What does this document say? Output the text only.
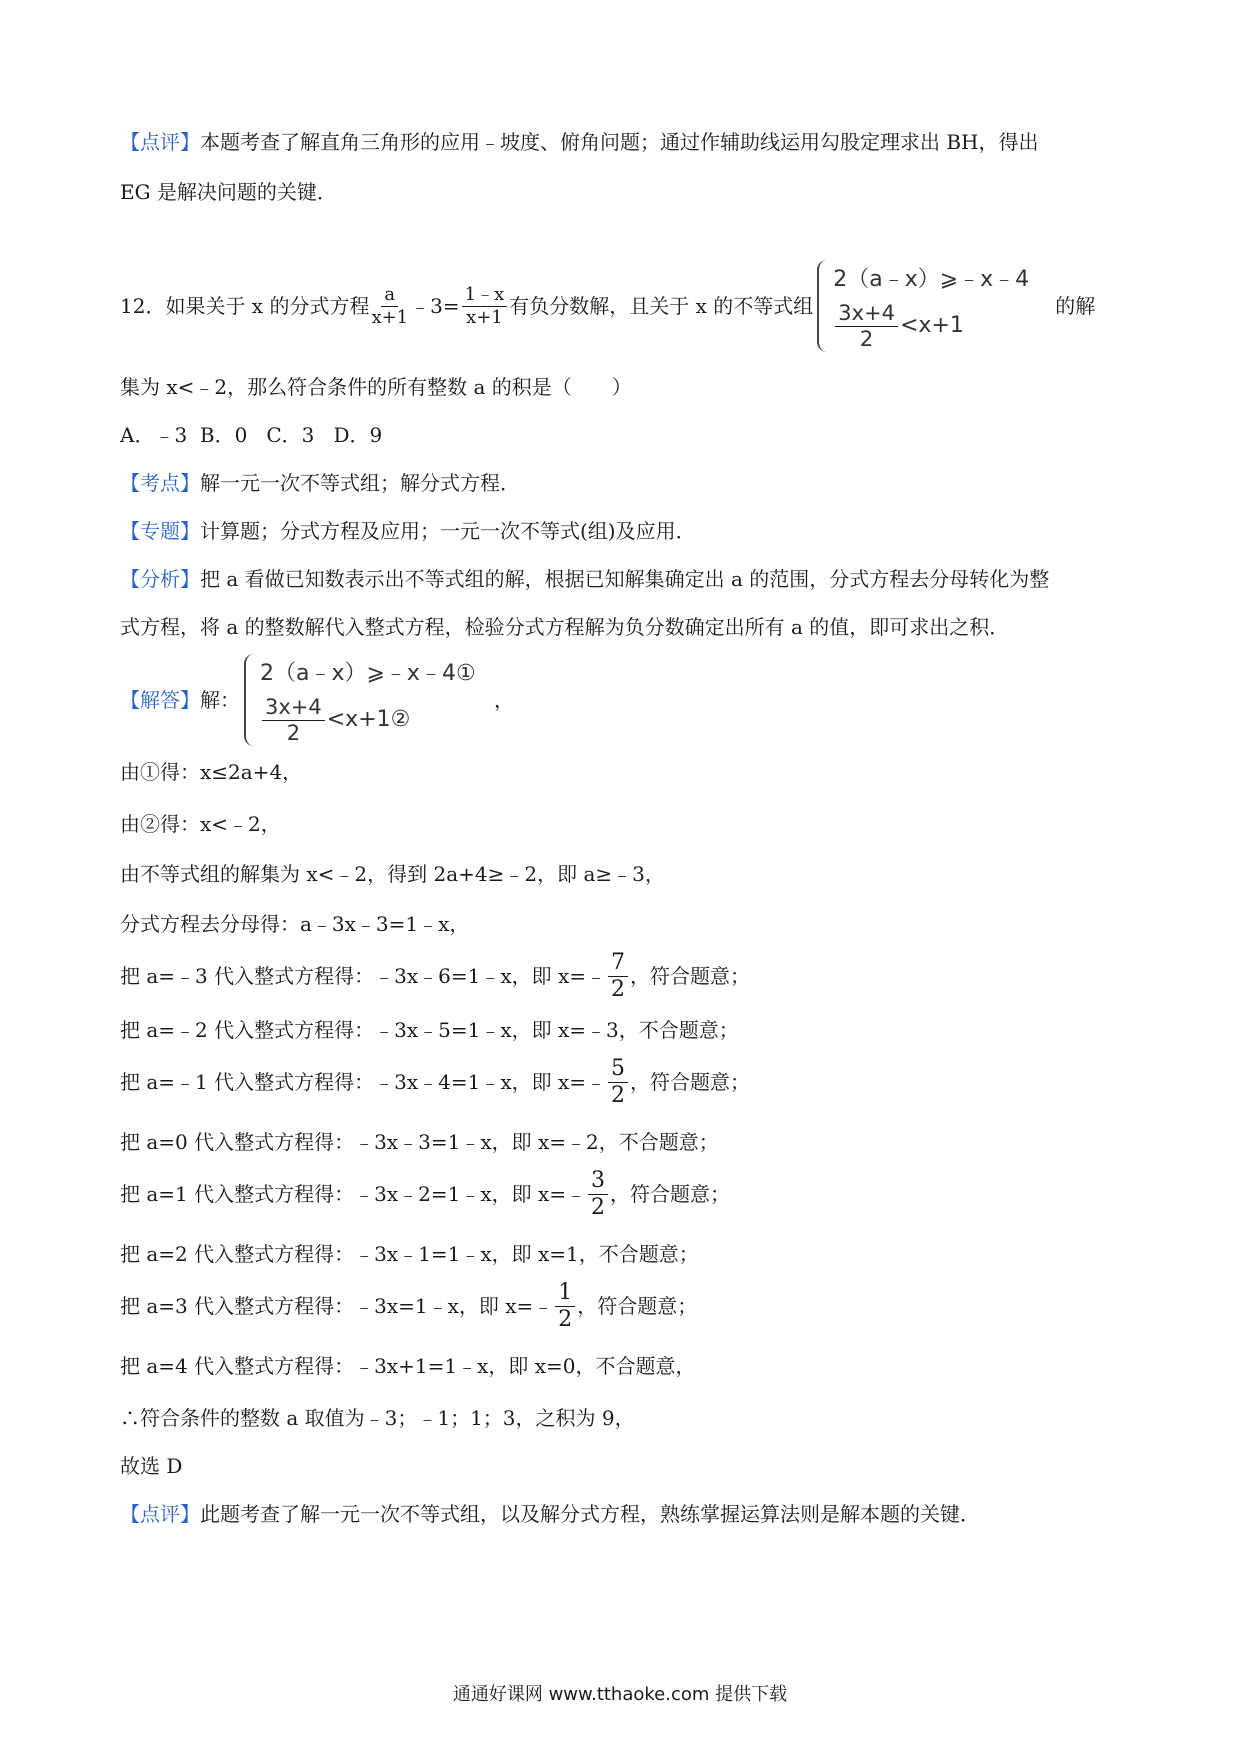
【点评】本题考查了解直角三角形的应用﹣坡度、俯角问题；通过作辅助线运用勾股定理求出 BH，得出
EG 是解决问题的关键．
12．如果关于 x 的分式方程 $\frac{a}{x+1}$ ﹣3= $\frac{1﹣x}{x+1}$ 有负分数解，且关于 x 的不等式组
2（a﹣x）⩾﹣x﹣4
$\frac{3x+4}{2} <x+1$
的解
集为 x<﹣2，那么符合条件的所有整数 a 的积是（　　）
A．﹣3  B．0   C．3   D．9
【考点】解一元一次不等式组；解分式方程．
【专题】计算题；分式方程及应用；一元一次不等式(组)及应用．
【分析】把 a 看做已知数表示出不等式组的解，根据已知解集确定出 a 的范围，分式方程去分母转化为整
式方程，将 a 的整数解代入整式方程，检验分式方程解为负分数确定出所有 a 的值，即可求出之积．
【解答】 解：
2（a﹣x）⩾﹣x﹣4①
$\frac{3x+4}{2}$ <x+1②
，
由①得：x≤2a+4，
由②得：x<﹣2，
由不等式组的解集为 x<﹣2，得到 2a+4≥﹣2，即 a≥﹣3，
分式方程去分母得：a﹣3x﹣3=1﹣x，
把 a=﹣3 代入整式方程得：﹣3x﹣6=1﹣x，即 x=﹣ $\frac{7}{2}$ ，符合题意；
把 a=﹣2 代入整式方程得：﹣3x﹣5=1﹣x，即 x=﹣3，不合题意；
把 a=﹣1 代入整式方程得：﹣3x﹣4=1﹣x，即 x=﹣ $\frac{5}{2}$ ，符合题意；
把 a=0 代入整式方程得：﹣3x﹣3=1﹣x，即 x=﹣2，不合题意；
把 a=1 代入整式方程得：﹣3x﹣2=1﹣x，即 x=﹣ $\frac{3}{2}$ ，符合题意；
把 a=2 代入整式方程得：﹣3x﹣1=1﹣x，即 x=1，不合题意；
把 a=3 代入整式方程得：﹣3x=1﹣x，即 x=﹣ $\frac{1}{2}$ ，符合题意；
把 a=4 代入整式方程得：﹣3x+1=1﹣x，即 x=0，不合题意，
∴符合条件的整数 a 取值为﹣3；﹣1；1；3，之积为 9，
故选 D
【点评】此题考查了解一元一次不等式组，以及解分式方程，熟练掌握运算法则是解本题的关键．
通通好课网 www.tthaoke.com 提供下载
